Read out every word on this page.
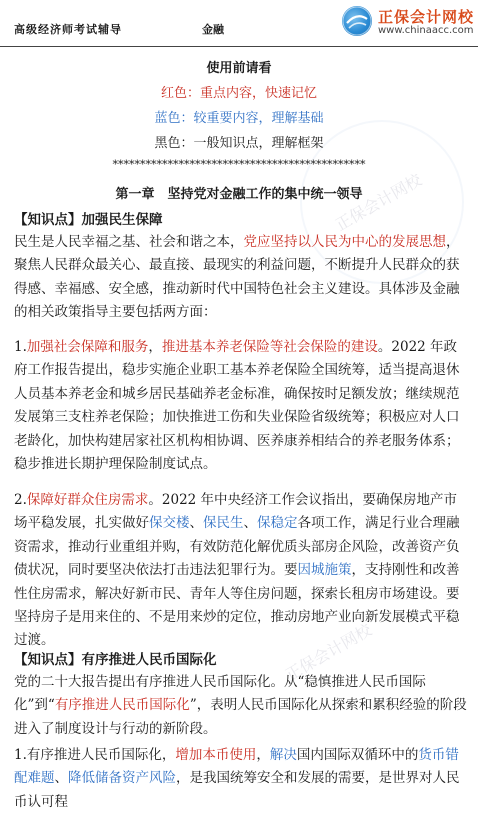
高级经济师考试辅导	金融
正保会计网校
www.chinaacc.com
正保会计网校
正保会计网校
使用前请看
红色：重点内容，快速记忆
蓝色：较重要内容，理解基础
黑色：一般知识点，理解框架
**********************************************
第一章　坚持党对金融工作的集中统一领导
【知识点】加强民生保障
民生是人民幸福之基、社会和谐之本，党应坚持以人民为中心的发展思想，聚焦人民群众最关心、最直接、最现实的利益问题，不断提升人民群众的获得感、幸福感、安全感，推动新时代中国特色社会主义建设。具体涉及金融的相关政策指导主要包括两方面：
1.加强社会保障和服务，推进基本养老保险等社会保险的建设。2022 年政府工作报告提出，稳步实施企业职工基本养老保险全国统筹，适当提高退休人员基本养老金和城乡居民基础养老金标准，确保按时足额发放；继续规范发展第三支柱养老保险；加快推进工伤和失业保险省级统筹；积极应对人口老龄化，加快构建居家社区机构相协调、医养康养相结合的养老服务体系；稳步推进长期护理保险制度试点。
2.保障好群众住房需求。2022 年中央经济工作会议指出，要确保房地产市场平稳发展，扎实做好保交楼、保民生、保稳定各项工作，满足行业合理融资需求，推动行业重组并购，有效防范化解优质头部房企风险，改善资产负债状况，同时要坚决依法打击违法犯罪行为。要因城施策，支持刚性和改善性住房需求，解决好新市民、青年人等住房问题，探索长租房市场建设。要坚持房子是用来住的、不是用来炒的定位，推动房地产业向新发展模式平稳过渡。
【知识点】有序推进人民币国际化
党的二十大报告提出有序推进人民币国际化。从“稳慎推进人民币国际化”到“有序推进人民币国际化”，表明人民币国际化从探索和累积经验的阶段进入了制度设计与行动的新阶段。
1.有序推进人民币国际化，增加本币使用，解决国内国际双循环中的货币错配难题、降低储备资产风险，是我国统筹安全和发展的需要，是世界对人民币认可程
